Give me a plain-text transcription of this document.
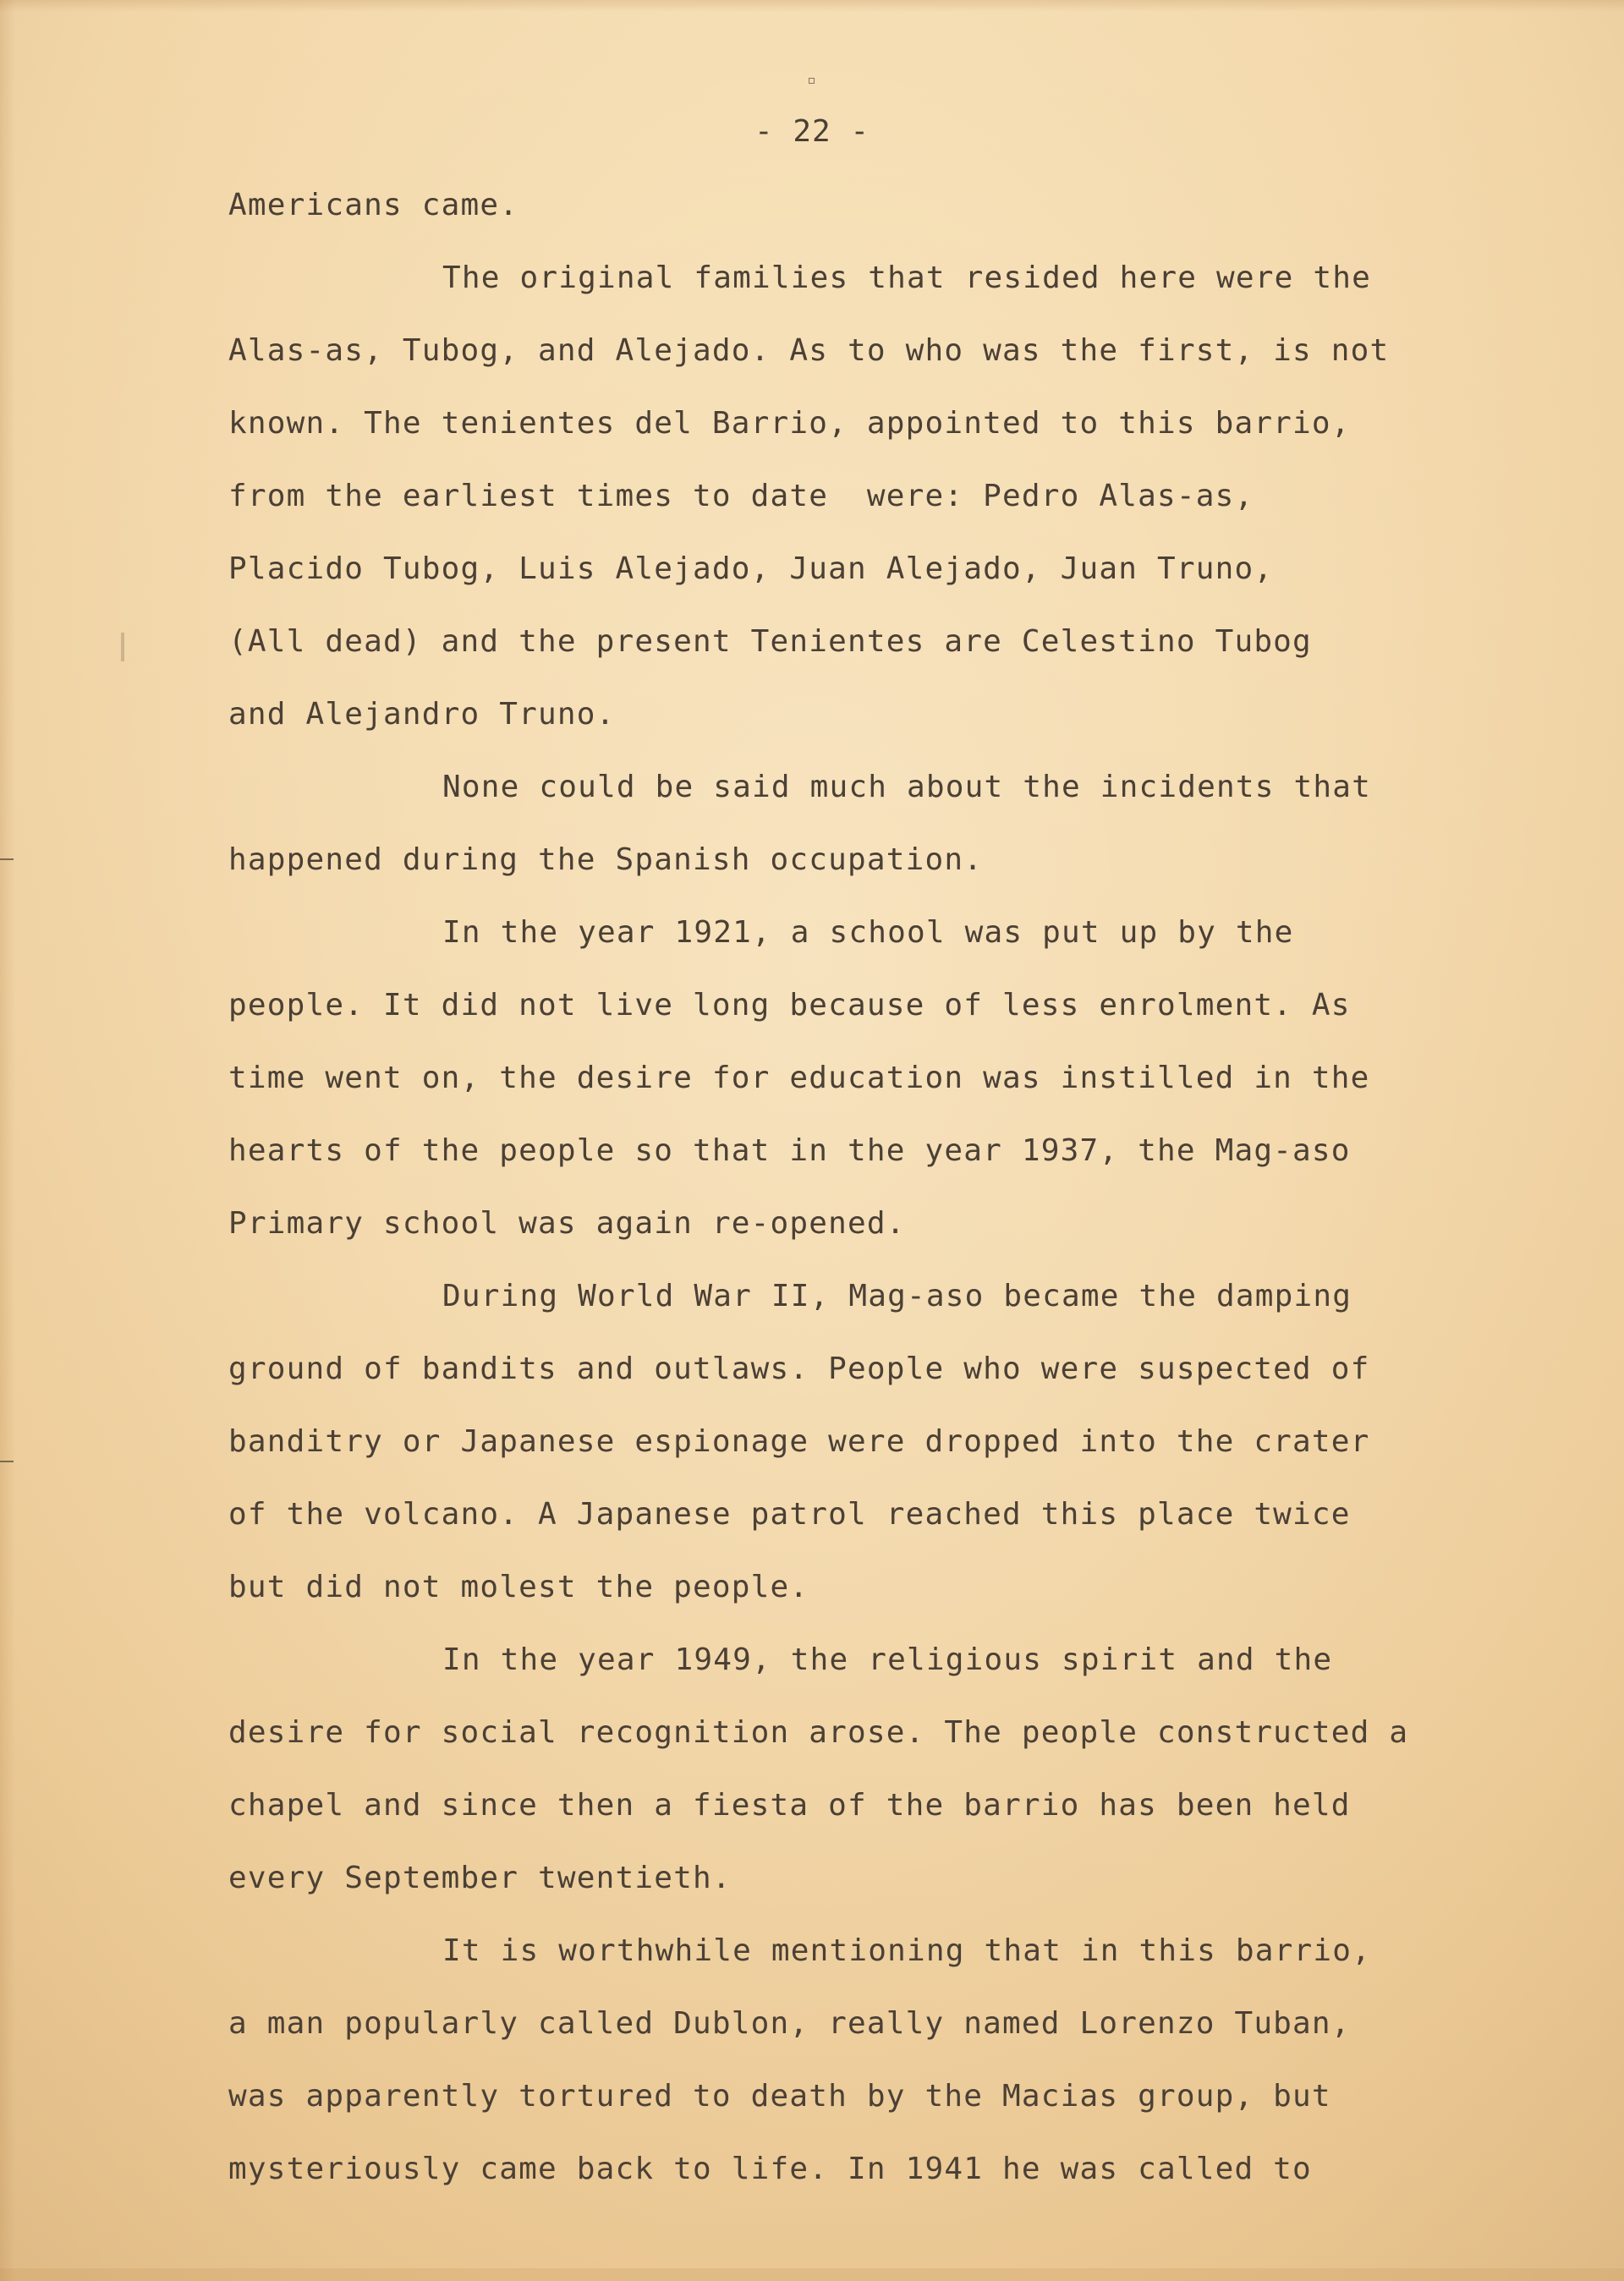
- 22 -
Americans came.
The original families that resided here were the
Alas-as, Tubog, and Alejado. As to who was the first, is not
known. The tenientes del Barrio, appointed to this barrio,
from the earliest times to date  were: Pedro Alas-as,
Placido Tubog, Luis Alejado, Juan Alejado, Juan Truno,
(All dead) and the present Tenientes are Celestino Tubog
and Alejandro Truno.
None could be said much about the incidents that
happened during the Spanish occupation.
In the year 1921, a school was put up by the
people. It did not live long because of less enrolment. As
time went on, the desire for education was instilled in the
hearts of the people so that in the year 1937, the Mag-aso
Primary school was again re-opened.
During World War II, Mag-aso became the damping
ground of bandits and outlaws. People who were suspected of
banditry or Japanese espionage were dropped into the crater
of the volcano. A Japanese patrol reached this place twice
but did not molest the people.
In the year 1949, the religious spirit and the
desire for social recognition arose. The people constructed a
chapel and since then a fiesta of the barrio has been held
every September twentieth.
It is worthwhile mentioning that in this barrio,
a man popularly called Dublon, really named Lorenzo Tuban,
was apparently tortured to death by the Macias group, but
mysteriously came back to life. In 1941 he was called to
